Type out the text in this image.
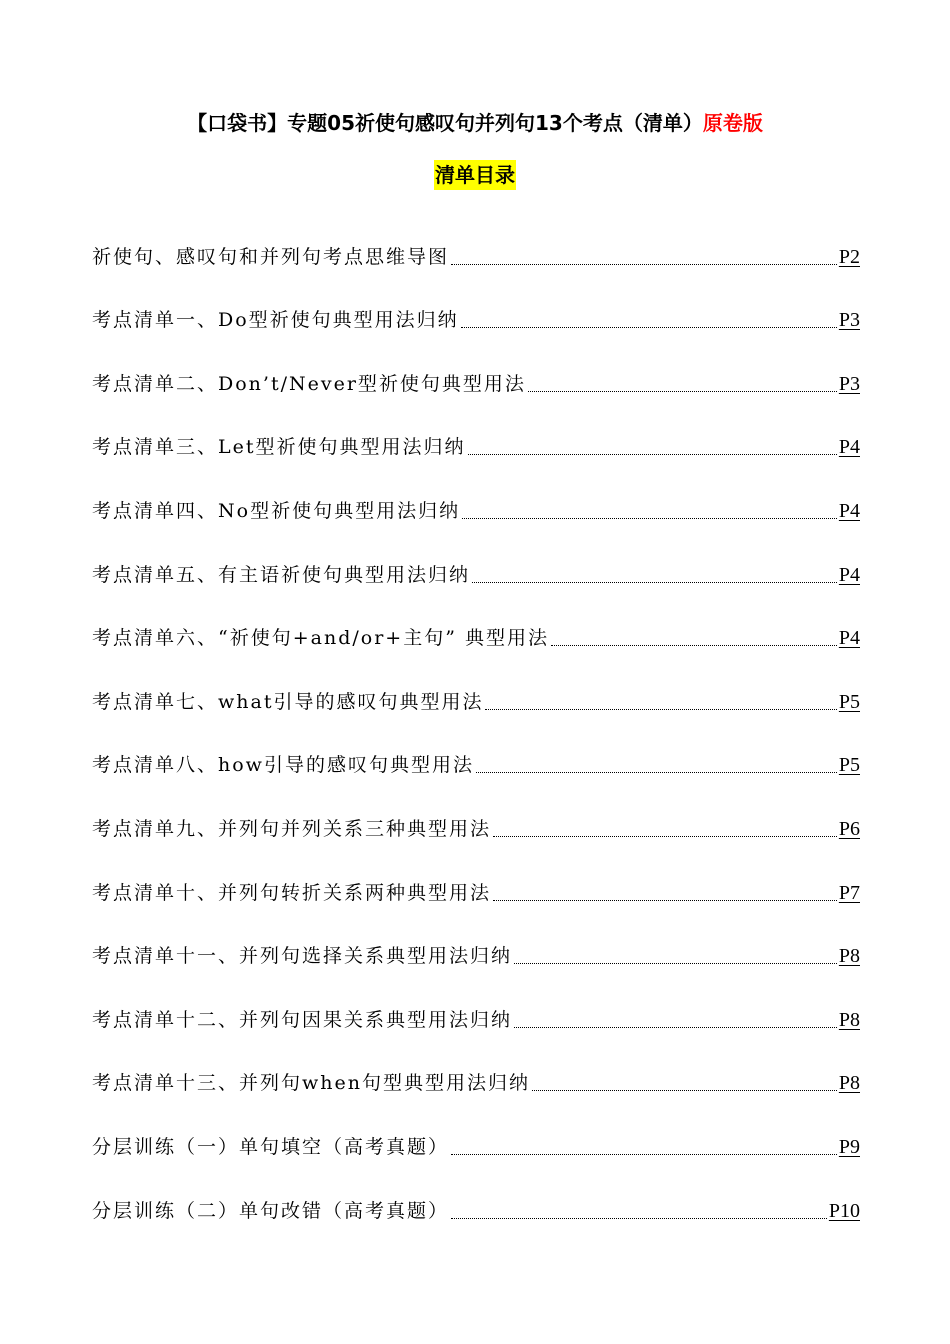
【口袋书】专题05祈使句感叹句并列句13个考点（清单）原卷版
清单目录
祈使句、感叹句和并列句考点思维导图	P2
考点清单一、Do型祈使句典型用法归纳	P3
考点清单二、Don’t/Never型祈使句典型用法	P3
考点清单三、Let型祈使句典型用法归纳	P4
考点清单四、No型祈使句典型用法归纳	P4
考点清单五、有主语祈使句典型用法归纳	P4
考点清单六、“祈使句+and/or+主句” 典型用法	P4
考点清单七、what引导的感叹句典型用法	P5
考点清单八、how引导的感叹句典型用法	P5
考点清单九、并列句并列关系三种典型用法	P6
考点清单十、并列句转折关系两种典型用法	P7
考点清单十一、并列句选择关系典型用法归纳	P8
考点清单十二、并列句因果关系典型用法归纳	P8
考点清单十三、并列句when句型典型用法归纳	P8
分层训练（一）单句填空（高考真题）	P9
分层训练（二）单句改错（高考真题）	P10
